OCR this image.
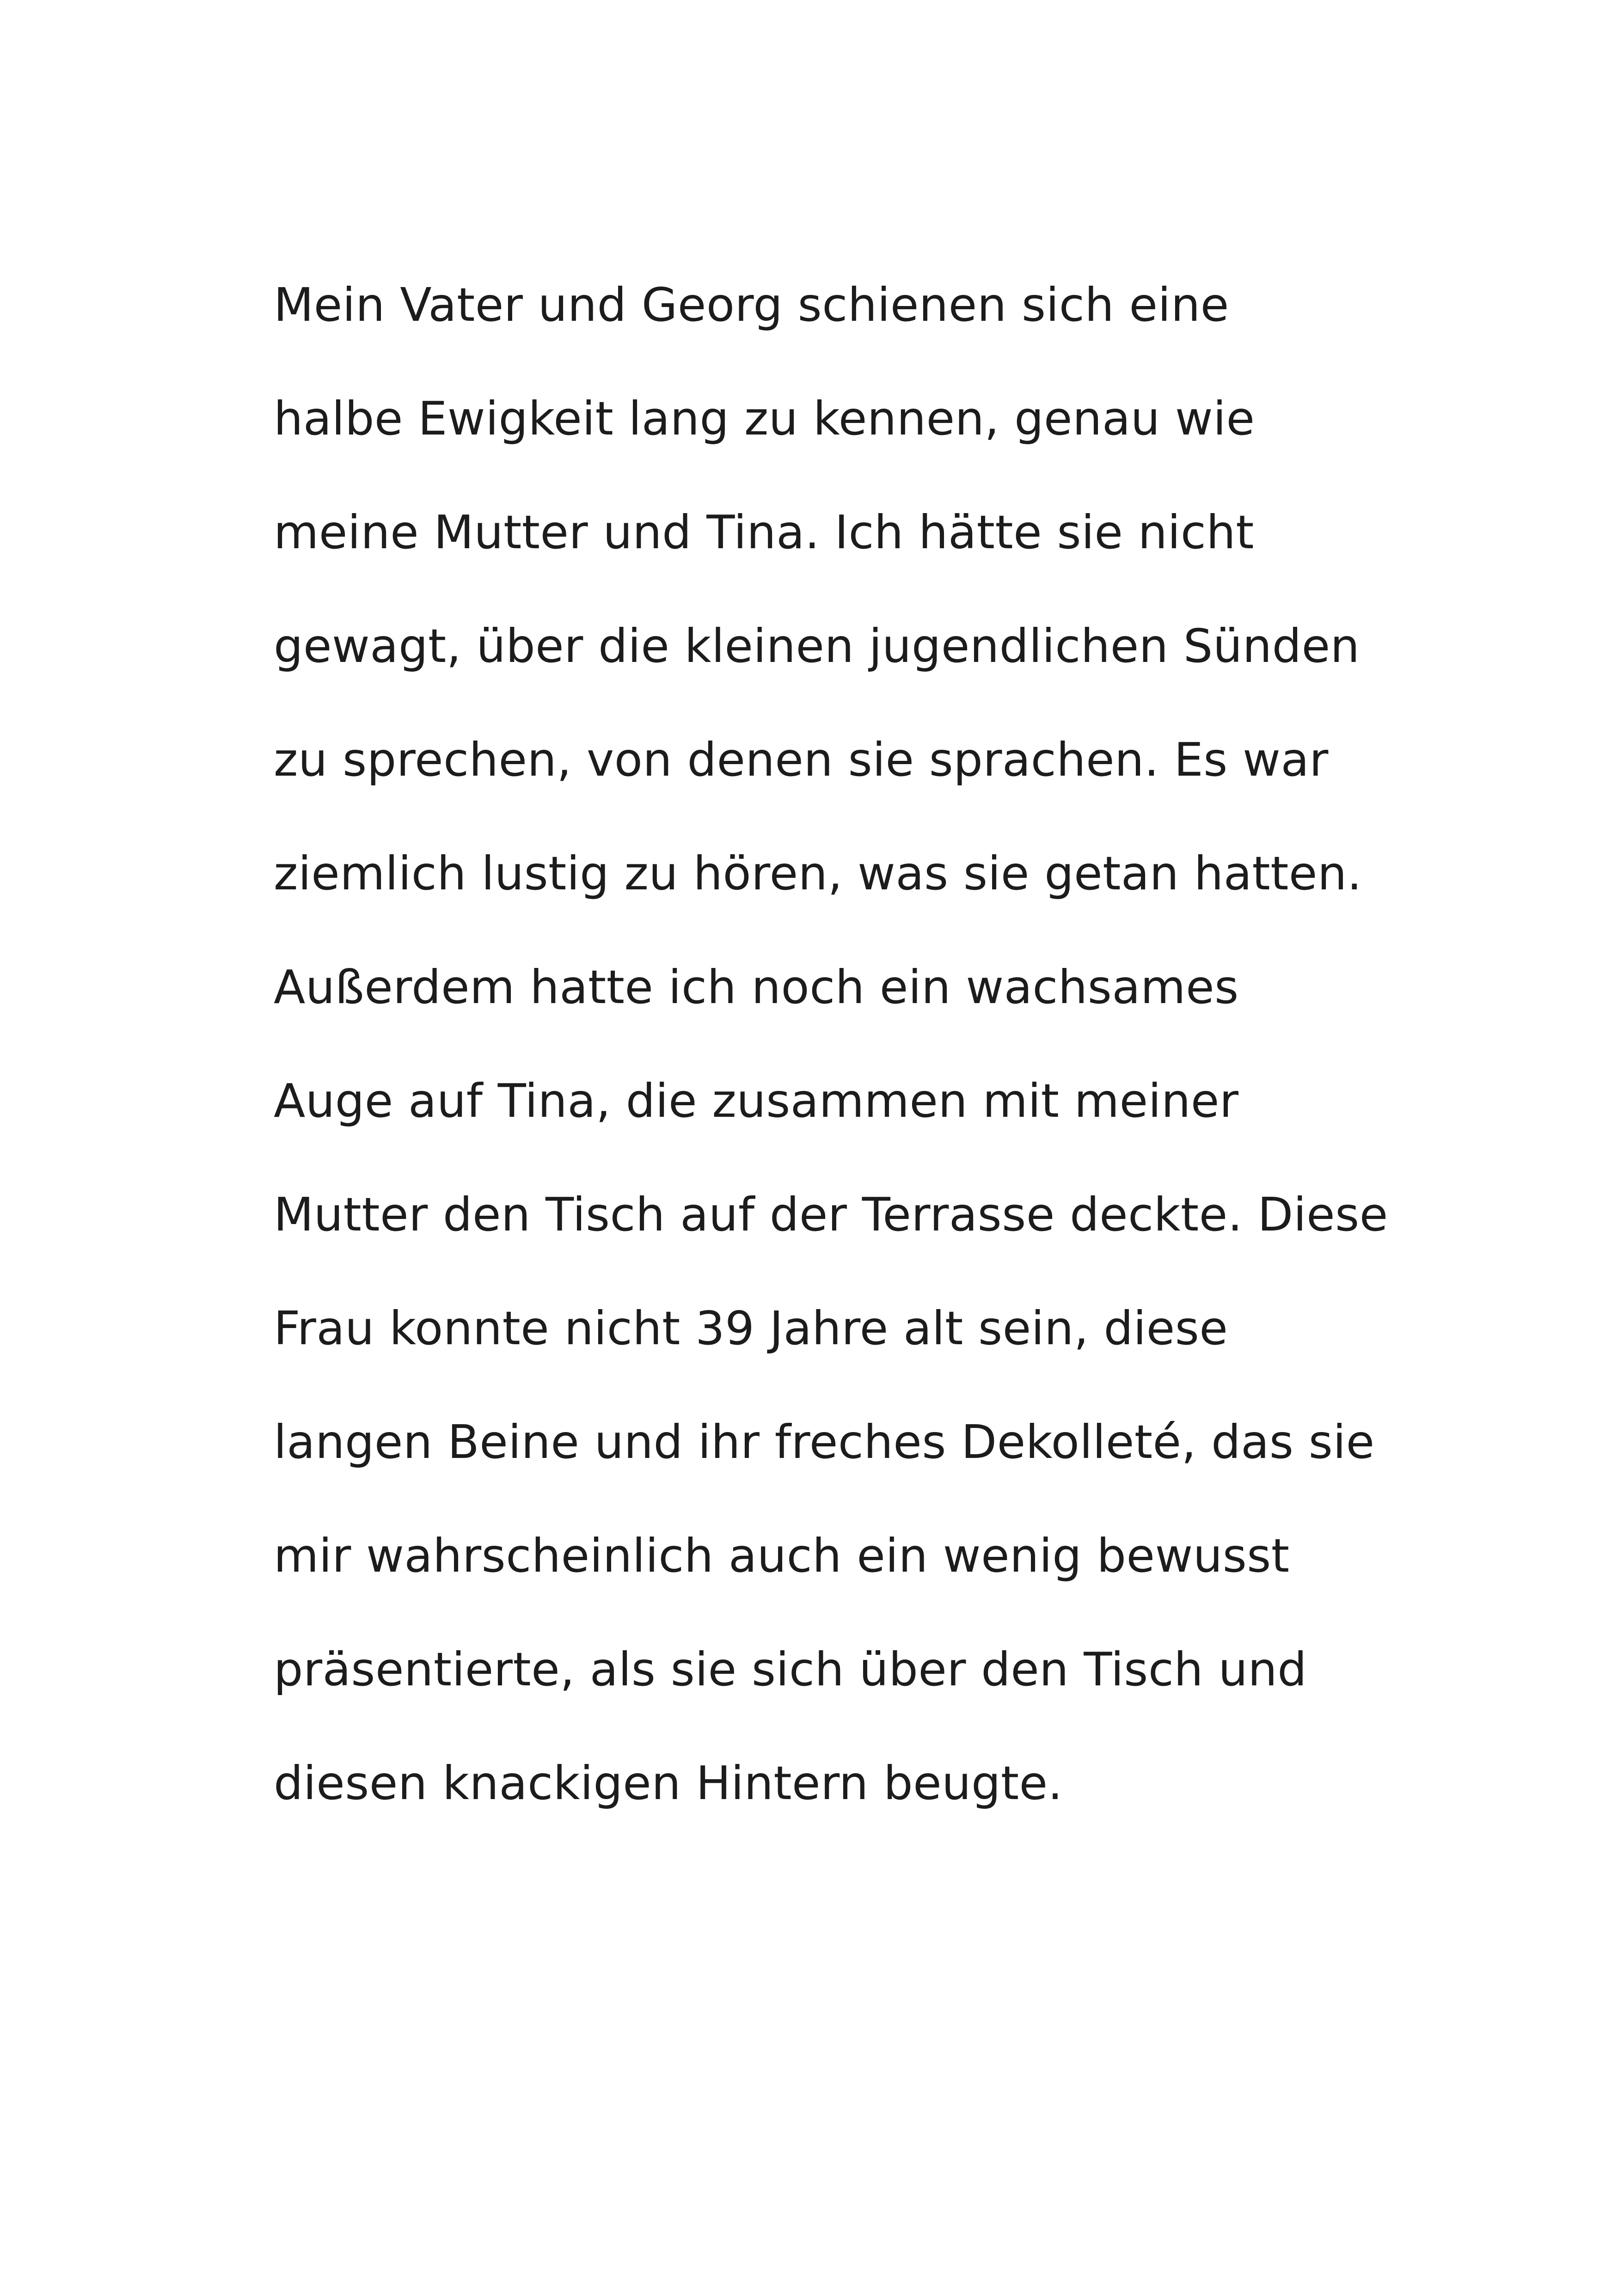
Mein Vater und Georg schienen sich eine
halbe Ewigkeit lang zu kennen, genau wie
meine Mutter und Tina. Ich hätte sie nicht
gewagt, über die kleinen jugendlichen Sünden
zu sprechen, von denen sie sprachen. Es war
ziemlich lustig zu hören, was sie getan hatten.
Außerdem hatte ich noch ein wachsames
Auge auf Tina, die zusammen mit meiner
Mutter den Tisch auf der Terrasse deckte. Diese
Frau konnte nicht 39 Jahre alt sein, diese
langen Beine und ihr freches Dekolleté, das sie
mir wahrscheinlich auch ein wenig bewusst
präsentierte, als sie sich über den Tisch und
diesen knackigen Hintern beugte.
